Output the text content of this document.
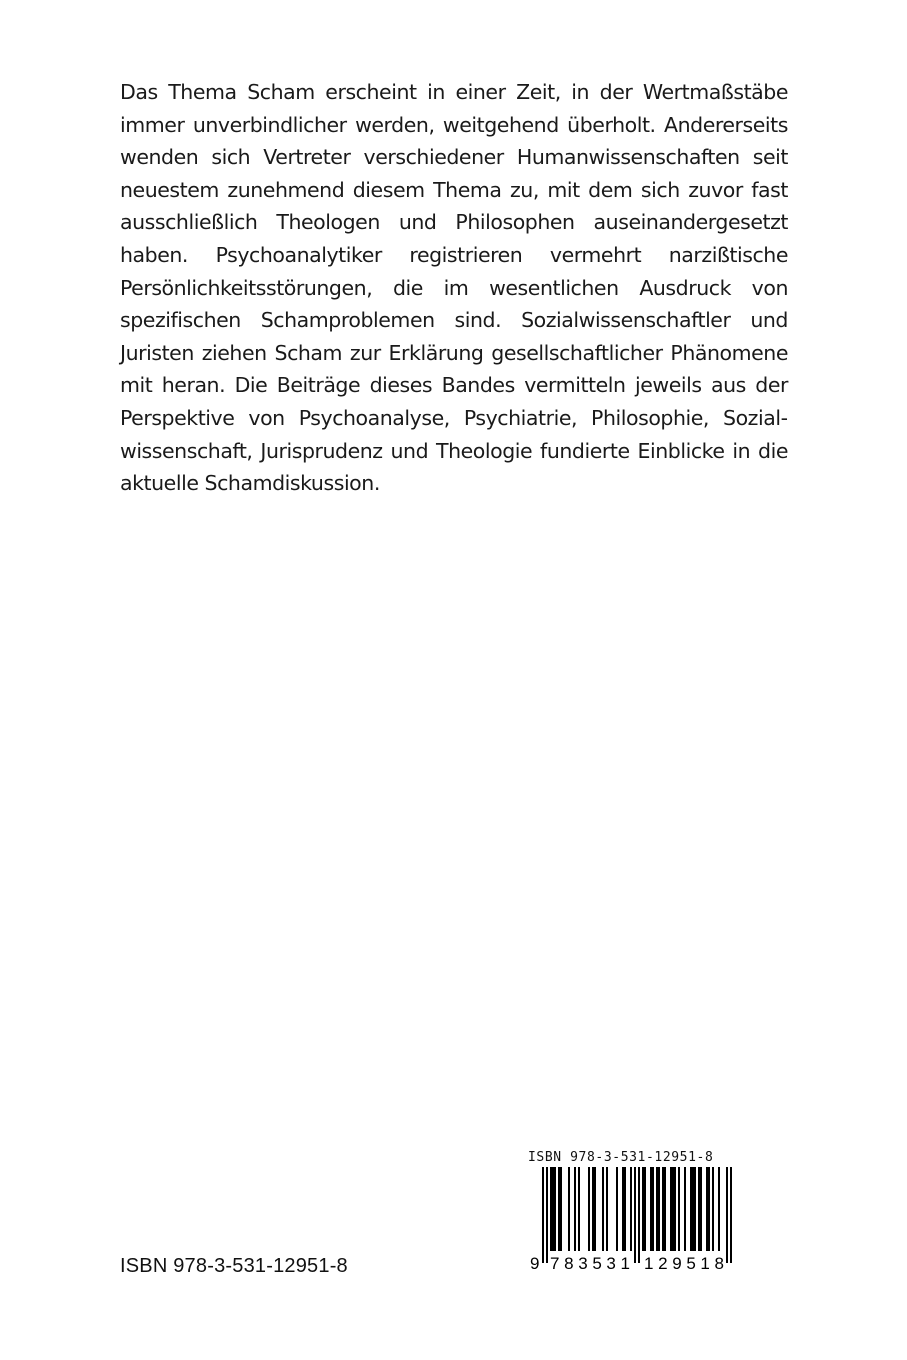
Das Thema Scham erscheint in einer Zeit, in der Wertmaßstäbe immer unverbindlicher werden, weitgehend überholt. Andererseits wenden sich Vertreter verschiedener Humanwissenschaften seit neuestem zunehmend diesem Thema zu, mit dem sich zuvor fast ausschließlich Theologen und Philosophen auseinandergesetzt haben. Psychoanalytiker registrieren vermehrt narzißtische Persönlichkeitsstörungen, die im wesentlichen Ausdruck von spezifischen Schamproblemen sind. Sozialwissenschaftler und Juristen ziehen Scham zur Erklärung gesellschaftlicher Phänomene mit heran. Die Beiträge dieses Bandes vermitteln jeweils aus der Perspektive von Psychoanalyse, Psychiatrie, Philosophie, Sozialwissenschaft, Jurisprudenz und Theologie fundierte Einblicke in die aktuelle Schamdiskussion.

ISBN 978-3-531-12951-8
9 783531 129518
ISBN 978-3-531-12951-8
